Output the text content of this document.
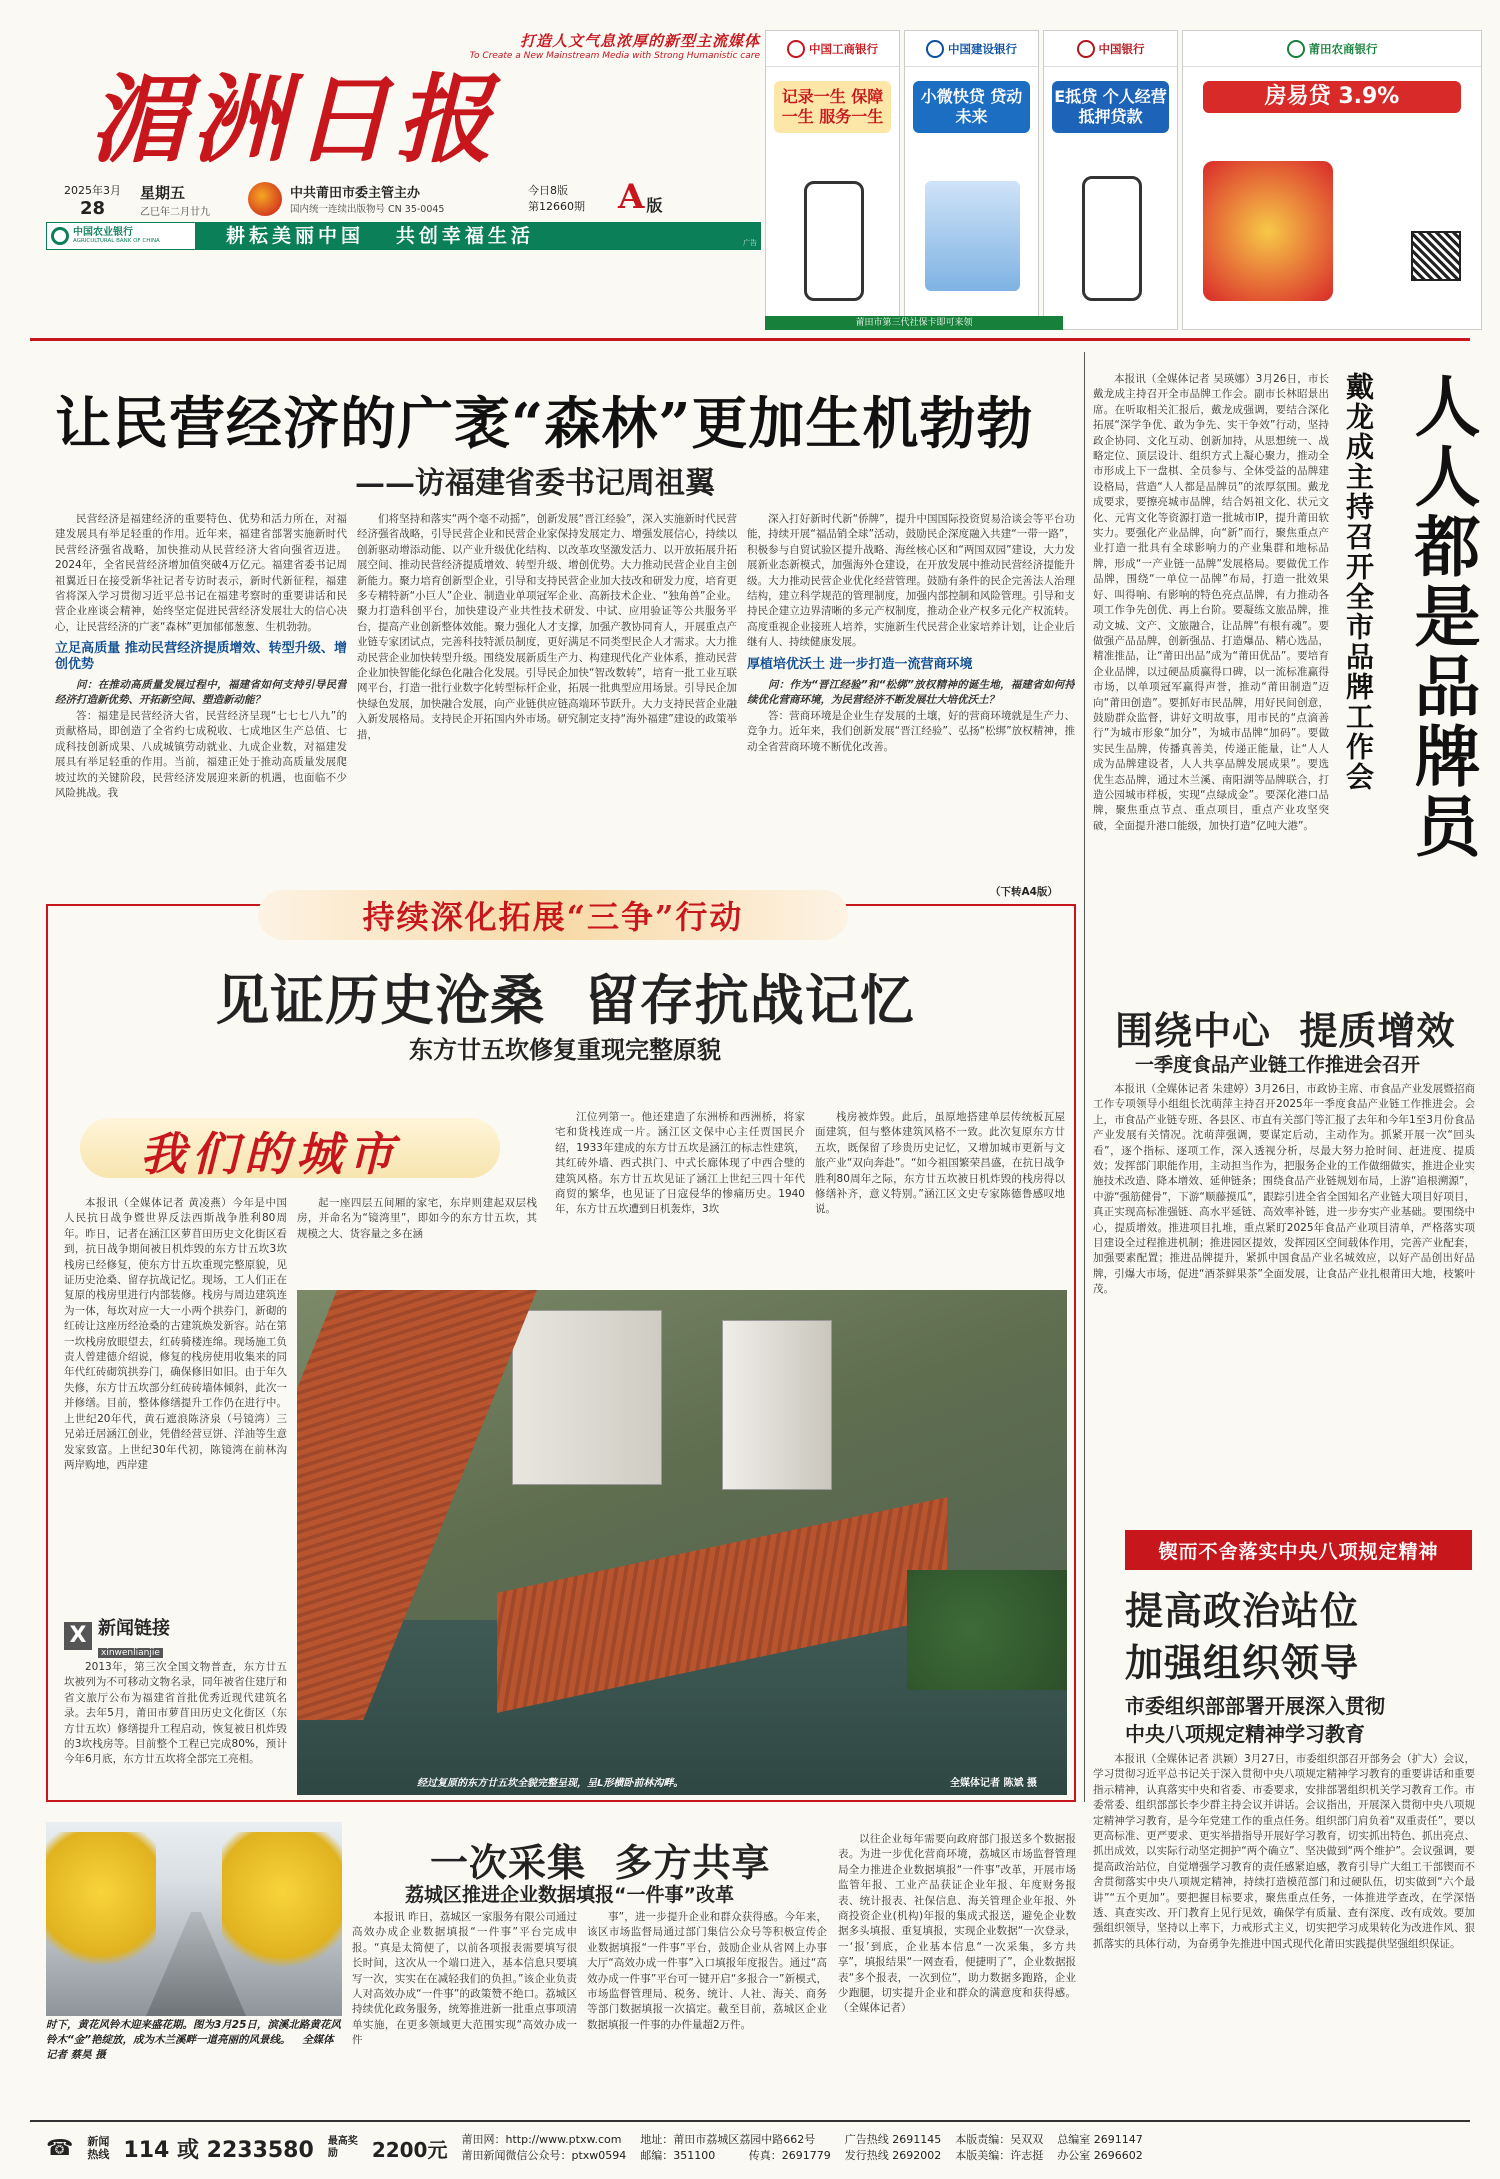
打造人文气息浓厚的新型主流媒体
To Create a New Mainstream Media with Strong Humanistic care
湄洲日报
2025年3月
28
星期五
乙巳年二月廿九
中共莆田市委主管主办
国内统一连续出版物号 CN 35-0045
今日8版
第12660期 A 版
中国农业银行
AGRICULTURAL BANK OF CHINA	耕耘美丽中国   共创幸福生活	广告
中国工商银行
记录一生 保障一生 服务一生
中国建设银行
小微快贷 贷动未来
中国银行
E抵贷 个人经营抵押贷款
莆田农商银行
房易贷 3.9%
莆田市第三代社保卡即可来领
让民营经济的广袤“森林”更加生机勃勃
——访福建省委书记周祖翼

民营经济是福建经济的重要特色、优势和活力所在，对福建发展具有举足轻重的作用。近年来，福建省部署实施新时代民营经济强省战略，加快推动从民营经济大省向强省迈进。2024年，全省民营经济增加值突破4万亿元。福建省委书记周祖翼近日在接受新华社记者专访时表示，新时代新征程，福建省将深入学习贯彻习近平总书记在福建考察时的重要讲话和民营企业座谈会精神，始终坚定促进民营经济发展壮大的信心决心，让民营经济的广袤“森林”更加郁郁葱葱、生机勃勃。

立足高质量 推动民营经济提质增效、转型升级、增创优势

问：在推动高质量发展过程中，福建省如何支持引导民营经济打造新优势、开拓新空间、塑造新动能？

答：福建是民营经济大省，民营经济呈现“七七七八九”的贡献格局，即创造了全省约七成税收、七成地区生产总值、七成科技创新成果、八成城镇劳动就业、九成企业数，对福建发展具有举足轻重的作用。当前，福建正处于推动高质量发展爬坡过坎的关键阶段，民营经济发展迎来新的机遇，也面临不少风险挑战。我

们将坚持和落实“两个毫不动摇”，创新发展“晋江经验”，深入实施新时代民营经济强省战略，引导民营企业和民营企业家保持发展定力、增强发展信心，持续以创新驱动增添动能、以产业升级优化结构、以改革攻坚激发活力、以开放拓展升拓展空间、推动民营经济提质增效、转型升级、增创优势。大力推动民营企业自主创新能力。聚力培育创新型企业，引导和支持民营企业加大技改和研发力度，培育更多专精特新“小巨人”企业、制造业单项冠军企业、高新技术企业、“独角兽”企业。聚力打造科创平台，加快建设产业共性技术研发、中试、应用验证等公共服务平台，提高产业创新整体效能。聚力强化人才支撑，加强产教协同育人，开展重点产业链专家团试点，完善科技特派员制度，更好满足不同类型民企人才需求。大力推动民营企业加快转型升级。围绕发展新质生产力、构建现代化产业体系，推动民营企业加快智能化绿色化融合化发展。引导民企加快“智改数转”，培育一批工业互联网平台，打造一批行业数字化转型标杆企业，拓展一批典型应用场景。引导民企加快绿色发展，加快融合发展，向产业链供应链高端环节跃升。大力支持民营企业融入新发展格局。支持民企开拓国内外市场。研究制定支持“海外福建”建设的政策举措，

深入打好新时代新“侨牌”，提升中国国际投资贸易洽谈会等平台功能，持续开展“福品销全球”活动，鼓励民企深度融入共建“一带一路”，积极参与自贸试验区提升战略、海丝核心区和“两国双园”建设，大力发展新业态新模式，加强海外仓建设，在开放发展中推动民营经济提能升级。大力推动民营企业优化经营管理。鼓励有条件的民企完善法人治理结构，建立科学规范的管理制度，加强内部控制和风险管理。引导和支持民企建立边界清晰的多元产权制度，推动企业产权多元化产权流转。高度重视企业接班人培养，实施新生代民营企业家培养计划，让企业后继有人、持续健康发展。

厚植培优沃土 进一步打造一流营商环境

问：作为“晋江经验”和“松绑”放权精神的诞生地，福建省如何持续优化营商环境，为民营经济不断发展壮大培优沃土？

答：营商环境是企业生存发展的土壤，好的营商环境就是生产力、竞争力。近年来，我们创新发展“晋江经验”、弘扬“松绑”放权精神，推动全省营商环境不断优化改善。

（下转A4版）
人人都是品牌员
戴龙成主持召开全市品牌工作会

本报讯（全媒体记者 吴瑛娜）3月26日，市长戴龙成主持召开全市品牌工作会。副市长林昭景出席。在听取相关汇报后，戴龙成强调，要结合深化拓展“深学争优、敢为争先、实干争效”行动，坚持政企协同、文化互动、创新加持，从思想统一、战略定位、顶层设计、组织方式上凝心聚力，推动全市形成上下一盘棋、全员参与、全体受益的品牌建设格局，营造“人人都是品牌员”的浓厚氛围。戴龙成要求，要擦亮城市品牌，结合妈祖文化、状元文化、元宵文化等资源打造一批城市IP，提升莆田软实力。要强化产业品牌，向“新”而行，聚焦重点产业打造一批具有全球影响力的产业集群和地标品牌，形成“一产业链一品牌”发展格局。要做优工作品牌，围绕“一单位一品牌”布局，打造一批效果好、叫得响、有影响的特色亮点品牌，有力推动各项工作争先创优、再上台阶。要凝练文旅品牌，推动文城、文产、文旅融合，让品牌“有根有魂”。要做强产品品牌，创新强品、打造爆品、精心选品，精准推品，让“莆田出品”成为“莆田优品”。要培育企业品牌，以过硬品质赢得口碑，以一流标准赢得市场，以单项冠军赢得声誉，推动“莆田制造”迈向“莆田创造”。要抓好市民品牌，用好民间创意，鼓励群众监督，讲好文明故事，用市民的“点滴善行”为城市形象“加分”，为城市品牌“加码”。要做实民生品牌，传播真善美，传递正能量，让“人人成为品牌建设者，人人共享品牌发展成果”。要选优生态品牌，通过木兰溪、南阳湖等品牌联合，打造公园城市样板，实现“点绿成金”。要深化港口品牌，聚焦重点节点、重点项目，重点产业攻坚突破，全面提升港口能级，加快打造“亿吨大港”。

持续深化拓展“三争”行动
见证历史沧桑  留存抗战记忆
东方廿五坎修复重现完整原貌
我们的城市

本报讯（全媒体记者 黄凌燕）今年是中国人民抗日战争暨世界反法西斯战争胜利80周年。昨日，记者在涵江区萝苜田历史文化街区看到，抗日战争期间被日机炸毁的东方廿五坎3坎栈房已经修复，使东方廿五坎重现完整原貌，见证历史沧桑、留存抗战记忆。现场，工人们正在复原的栈房里进行内部装修。栈房与周边建筑连为一体，每坎对应一大一小两个拱券门，新砌的红砖让这座历经沧桑的古建筑焕发新容。站在第一坎栈房放眼望去，红砖骑楼连绵。现场施工负责人曾建德介绍说，修复的栈房使用收集来的同年代红砖砌筑拱券门，确保修旧如旧。由于年久失修，东方廿五坎部分红砖砖墙体倾斜，此次一并修缮。目前，整体修缮提升工作仍在进行中。上世纪20年代，黄石遮浪陈济泉（号镜湾）三兄弟迁居涵江创业，凭借经营豆饼、洋油等生意发家致富。上世纪30年代初，陈镜湾在前林沟两岸购地，西岸建

起一座四层五间厢的家宅，东岸则建起双层栈房，并命名为“镜湾里”，即如今的东方廿五坎，其规模之大、货容量之多在涵

江位列第一。他还建造了东洲桥和西洲桥，将家宅和货栈连成一片。涵江区文保中心主任贾国民介绍，1933年建成的东方廿五坎是涵江的标志性建筑，其红砖外墙、西式拱门、中式长廊体现了中西合璧的建筑风格。东方廿五坎见证了涵江上世纪三四十年代商贸的繁华，也见证了日寇侵华的惨痛历史。1940年，东方廿五坎遭到日机轰炸，3坎

栈房被炸毁。此后，虽原地搭建单层传统板瓦屋面建筑，但与整体建筑风格不一致。此次复原东方廿五坎，既保留了珍贵历史记忆，又增加城市更新与文旅产业“双向奔赴”。“如今祖国繁荣昌盛，在抗日战争胜利80周年之际，东方廿五坎被日机炸毁的栈房得以修缮补齐，意义特别。”涵江区文史专家陈德鲁感叹地说。

经过复原的东方廿五坎全貌完整呈现，呈L形横卧前林沟畔。	全媒体记者 陈斌 摄
X 新闻链接
xinwenlianjie

2013年，第三次全国文物普查，东方廿五坎被列为不可移动文物名录，同年被省住建厅和省文旅厅公布为福建省首批优秀近现代建筑名录。去年5月，莆田市萝苜田历史文化街区（东方廿五坎）修缮提升工程启动，恢复被日机炸毁的3坎栈房等。目前整个工程已完成80%，预计今年6月底，东方廿五坎将全部完工亮相。

围绕中心  提质增效
一季度食品产业链工作推进会召开

本报讯（全媒体记者 朱建婷）3月26日，市政协主席、市食品产业发展暨招商工作专项领导小组组长沈萌萍主持召开2025年一季度食品产业链工作推进会。会上，市食品产业链专班、各县区、市直有关部门等汇报了去年和今年1至3月份食品产业发展有关情况。沈萌萍强调，要谋定后动，主动作为。抓紧开展一次“回头看”，逐个指标、逐项工作，深入透视分析，尽最大努力抢时间、赶进度、提质效；发挥部门职能作用，主动担当作为，把服务企业的工作做细做实，推进企业实施技术改造、降本增效、延伸链条；围绕食品产业链规划布局，上游“追根溯源”，中游“强筋健骨”，下游“顺藤摸瓜”，跟踪引进全省全国知名产业链大项目好项目，真正实现高标准强链、高水平延链、高效率补链，进一步夯实产业基础。要围绕中心，提质增效。推进项目扎堆，重点紧盯2025年食品产业项目清单，严格落实项目建设全过程推进机制；推进园区提效，发挥园区空间载体作用，完善产业配套，加强要素配置；推进品牌提升，紧抓中国食品产业名城效应，以好产品创出好品牌，引爆大市场，促进“酒茶鲜果茶”全面发展，让食品产业扎根莆田大地，枝繁叶茂。

锲而不舍落实中央八项规定精神
提高政治站位
加强组织领导
市委组织部部署开展深入贯彻
中央八项规定精神学习教育

本报讯（全媒体记者 洪颖）3月27日，市委组织部召开部务会（扩大）会议，学习贯彻习近平总书记关于深入贯彻中央八项规定精神学习教育的重要讲话和重要指示精神，认真落实中央和省委、市委要求，安排部署组织机关学习教育工作。市委常委、组织部部长李少群主持会议并讲话。会议指出，开展深入贯彻中央八项规定精神学习教育，是今年党建工作的重点任务。组织部门肩负着“双重责任”，要以更高标准、更严要求、更实举措指导开展好学习教育，切实抓出特色、抓出亮点、抓出成效，以实际行动坚定拥护“两个确立”、坚决做到“两个维护”。会议强调，要提高政治站位，自觉增强学习教育的责任感紧迫感，教育引导广大组工干部锲而不舍贯彻落实中央八项规定精神，持续打造模范部门和过硬队伍，切实做到“六个最讲”“五个更加”。要把握目标要求，聚焦重点任务，一体推进学查改，在学深悟透、真查实改、开门教育上见行见效，确保学有质量、查有深度、改有成效。要加强组织领导，坚持以上率下，力戒形式主义，切实把学习成果转化为改进作风、狠抓落实的具体行动，为奋勇争先推进中国式现代化莆田实践提供坚强组织保证。

时下，黄花风铃木迎来盛花期。图为3月25日，滨溪北路黄花风铃木“金”艳绽放，成为木兰溪畔一道亮丽的风景线。 全媒体记者 蔡昊 摄
一次采集  多方共享
荔城区推进企业数据填报“一件事”改革

本报讯 昨日，荔城区一家服务有限公司通过高效办成企业数据填报“一件事”平台完成申报。“真是太简便了，以前各项报表需要填写很长时间，这次从一个端口进入，基本信息只要填写一次，实实在在减轻我们的负担。”该企业负责人对高效办成“一件事”的政策赞不绝口。荔城区持续优化政务服务，统筹推进新一批重点事项清单实施，在更多领域更大范围实现“高效办成一件

事”，进一步提升企业和群众获得感。今年来，该区市场监督局通过部门集信公众号等积极宣传企业数据填报“一件事”平台，鼓励企业从省网上办事大厅“高效办成一件事”入口填报年度报告。通过“高效办成一件事”平台可一键开启“多报合一”新模式，市场监督管理局、税务、统计、人社、海关、商务等部门数据填报一次搞定。截至目前，荔城区企业数据填报一件事的办件量超2万件。

以往企业每年需要向政府部门报送多个数据报表。为进一步优化营商环境，荔城区市场监督管理局全力推进企业数据填报“一件事”改革，开展市场监管年报、工业产品获证企业年报、年度财务报表、统计报表、社保信息、海关管理企业年报、外商投资企业(机构)年报的集成式报送，避免企业数据多头填报、重复填报，实现企业数据“一次登录，一‘报’到底，企业基本信息“一次采集，多方共享”，填报结果“一网查看，便捷明了”，企业数据报表“多个报表，一次到位”，助力数据多跑路，企业少跑腿，切实提升企业和群众的满意度和获得感。（全媒体记者）

☎ 新闻
热线 114 或 2233580 最高奖励	2200元 莆田网：http://www.ptxw.com
莆田新闻微信公众号：ptxw0594
地址：莆田市荔城区荔园中路662号
邮编：351100	传真：2691779
广告热线 2691145
发行热线 2692002
本版责编：吴双双
本版美编：许志挺
总编室 2691147
办公室 2696602
